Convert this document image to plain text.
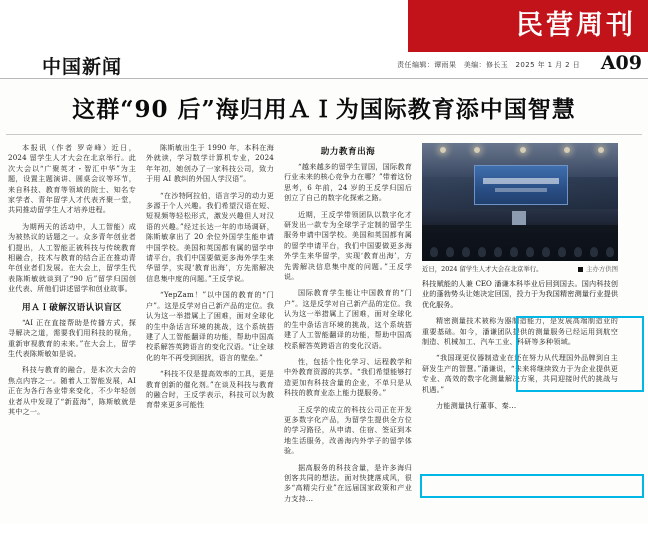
民营周刊
中国新闻	责任编辑：谭雨果　美编：修长玉　2025 年 1 月 2 日 A09
这群“90 后”海归用ＡＩ为国际教育添中国智慧

本报讯（作者 罗奇峰）近日，2024 留学生人才大会在北京举行。此次大会以“广聚英才・智汇中华”为主题，设置主题演讲、圆桌会议等环节，来自科技、教育等领域的院士、知名专家学者、青年留学人才代表齐聚一堂，共同推动留学生人才培养进程。

为期两天的活动中，人工智能）成为被热议的话题之一。众多青年创业者们提出，人工智能正被科技与传统教育相融合，技术与教育的结合正在推动青年创业者们发展。在大会上，留学生代表陈斯敏就谈到了“90 后”留学归国创业代表、所他们讲述留学和创业故事。

用ＡＩ破解汉语认识盲区

“AI 正在直接帮助是传播方式，探寻解决之道，需要我们用科技的视角，重新审视教育的未来。”在大会上，留学生代表陈斯敏如是说。

科技与教育的融合，是本次大会的焦点内容之一。随着人工智能发展，AI 正在为各行各业带来变化，不少年轻创业者从中发现了“新蓝海”，陈斯敏就是其中之一。

陈斯敏出生于 1990 年，本科在海外就读，学习数学计算机专业，2024 年年初，她创办了一家科技公司，致力于用 AI 教纠的外国人学汉语”。

“在沙特阿拉伯，语言学习的动力更多源于个人兴趣。我们希望汉语在短、短视频等轻松形式，激发兴趣但人对汉语的兴趣。”经过长达一年的市场调研，陈斯敏拿出了 20 余位外国学生能申请中国学校。美国和英国都有属的留学申请平台，我们中国要做更多海外学生来华留学，实现‘教育出海’，方先需解决信息集中度的问题。”王反学说。

“YepZam！”以中国的教育的“门户”。这是反学对自己新产品的定位。我认为这一举措属上了困难，面对全球化的生中条话言环境的挑战，这个系统搭建了人工智能翻译的功能，帮助中国高校系解答英跨语言的变化汉语。“让全球化的年不再受到困扰，语言的壁垒。”

“科技不仅是提高效率的工具，更是教育创新的催化剂。”在谈及科技与教育的融合时，王反学表示，科技可以为教育带来更多可能性

助力教育出海

“越来越多的留学生冒国，国际教育行业未来的核心竞争力在哪？”带着这份思考，6 年前，24 岁的王反学归国后创立了自己的数字化探索之路。

近期，王反学带领团队以数字化才研发出一款专为全球学子定制的留学生服务申请中国学校。美国和英国都有属的留学申请平台，我们中国要做更多海外学生来华留学，实现‘教育出海’，方先需解决信息集中度的问题。”王反学说。

国际教育学生能让中国教育的“门户”。这是反学对自己新产品的定位。我认为这一举措属上了困难，面对全球化的生中条话言环境的挑战，这个系统搭建了人工智能翻译的功能，帮助中国高校系解答英跨语言的变化汉语。

性，包括个性化学习、运程教学和中外教育资源的共享。“我们希望能够打造更加有科技含量的企业，不单只是从科技的教育业态上能力提服务。”

王反学的成立的科技公司正在开发更多数字化产品，为留学生提供全方位的学习路径，从申请、住宿、签证到本地生活服务，改善海内外学子的留学体验。

据高服务的科技含量，是许多海归创客共同的想法。面对快捷落成风，很多“高精尖行业”在远届国家政策和产业力支持...

近日，2024 留学生人才大会在北京举行。	主办方供图

科技赋能的人兼 CEO 潘谦本科毕业后回到国去。国内科技创业的蓬勃势头让她决定回国，投力于为我国精密测量行业提供优化服务。

精密测量技术被称为器制造能力，是发展高端制造业的重要基础。如今，潘谦团队提供的测量服务已经运用到航空制造、机械加工、汽车工业、科研等多种领域。

“我国现更仪器制造业在还在努力从代理国外品牌到自主研发生产的智慧。”潘谦说，“未来将继续致力于为企业提供更专业、高效的数字化测量解决方案，共同迎接时代的挑战与机遇。”

力能测量执行董事、秦...
